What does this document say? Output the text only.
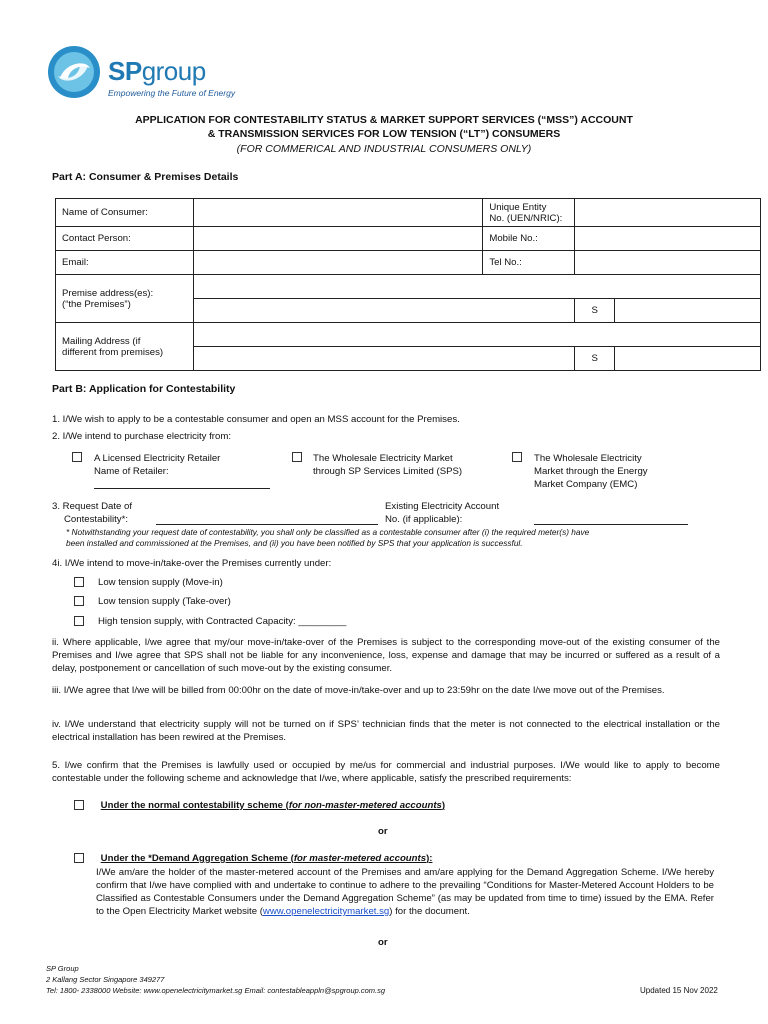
SPgroup
Empowering the Future of Energy
APPLICATION FOR CONTESTABILITY STATUS & MARKET SUPPORT SERVICES (“MSS”) ACCOUNT
& TRANSMISSION SERVICES FOR LOW TENSION (“LT”) CONSUMERS
(FOR COMMERICAL AND INDUSTRIAL CONSUMERS ONLY)
Part A: Consumer & Premises Details
Name of Consumer:		Unique Entity
No. (UEN/NRIC):		

Contact Person:		Mobile No.:		
Email:		Tel No.:		

Premise address(es):
(“the Premises”)				

			S	

Mailing Address (if
different from premises)				

			S	
Part B: Application for Contestability
1. I/We wish to apply to be a contestable consumer and open an MSS account for the Premises.
2. I/We intend to purchase electricity from:
A Licensed Electricity Retailer
Name of Retailer:
The Wholesale Electricity Market
through SP Services Limited (SPS)
The Wholesale Electricity
Market through the Energy
Market Company (EMC)
3. Request Date of
Contestability*:
Existing Electricity Account
No. (if applicable):
* Notwithstanding your request date of contestability, you shall only be classified as a contestable consumer after (i) the required meter(s) have
been installed and commissioned at the Premises, and (ii) you have been notified by SPS that your application is successful.
4i. I/We intend to move-in/take-over the Premises currently under:
Low tension supply (Move-in)
Low tension supply (Take-over)
High tension supply, with Contracted Capacity: _________
ii. Where applicable, I/we agree that my/our move-in/take-over of the Premises is subject to the corresponding move-out of the existing consumer of the Premises and I/we agree that SPS shall not be liable for any inconvenience, loss, expense and damage that may be incurred or suffered as a result of a delay, postponement or cancellation of such move-out by the existing consumer.
iii. I/We agree that I/we will be billed from 00:00hr on the date of move-in/take-over and up to 23:59hr on the date I/we move out of the Premises.
iv. I/We understand that electricity supply will not be turned on if SPS’ technician finds that the meter is not connected to the electrical installation or the electrical installation has been rewired at the Premises.
5. I/we confirm that the Premises is lawfully used or occupied by me/us for commercial and industrial purposes. I/We would like to apply to become contestable under the following scheme and acknowledge that I/we, where applicable, satisfy the prescribed requirements:
Under the normal contestability scheme (for non-master-metered accounts)
or
Under the *Demand Aggregation Scheme (for master-metered accounts):
I/We am/are the holder of the master-metered account of the Premises and am/are applying for the Demand Aggregation Scheme. I/We hereby confirm that I/we have complied with and undertake to continue to adhere to the prevailing “Conditions for Master-Metered Account Holders to be Classified as Contestable Consumers under the Demand Aggregation Scheme” (as may be updated from time to time) issued by the EMA. Refer to the Open Electricity Market website (www.openelectricitymarket.sg) for the document.
or
SP Group
2 Kallang Sector Singapore 349277
Tel: 1800- 2338000 Website: www.openelectricitymarket.sg Email: contestableappln@spgroup.com.sg	Updated 15 Nov 2022
